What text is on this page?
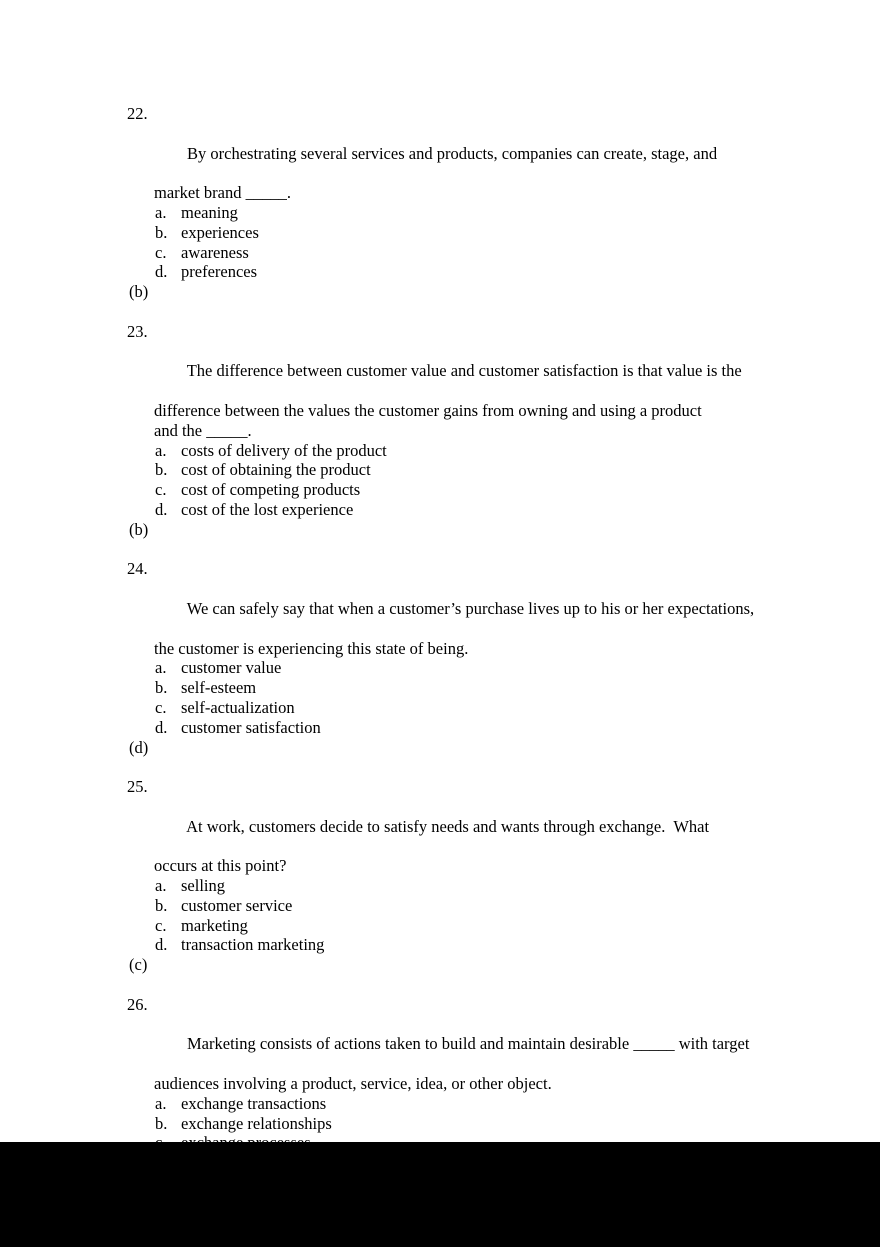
22.

By orchestrating several services and products, companies can create, stage, and

market brand _____.
a. meaning
b. experiences
c. awareness
d. preferences
(b)

23.

The difference between customer value and customer satisfaction is that value is the

difference between the values the customer gains from owning and using a product
and the _____.
a. costs of delivery of the product
b. cost of obtaining the product
c. cost of competing products
d. cost of the lost experience
(b)

24.

We can safely say that when a customer’s purchase lives up to his or her expectations,

the customer is experiencing this state of being.
a. customer value
b. self-esteem
c. self-actualization
d. customer satisfaction
(d)

25.

At work, customers decide to satisfy needs and wants through exchange.  What

occurs at this point?
a. selling
b. customer service
c. marketing
d. transaction marketing
(c)

26.

Marketing consists of actions taken to build and maintain desirable _____ with target

audiences involving a product, service, idea, or other object.
a. exchange transactions
b. exchange relationships
